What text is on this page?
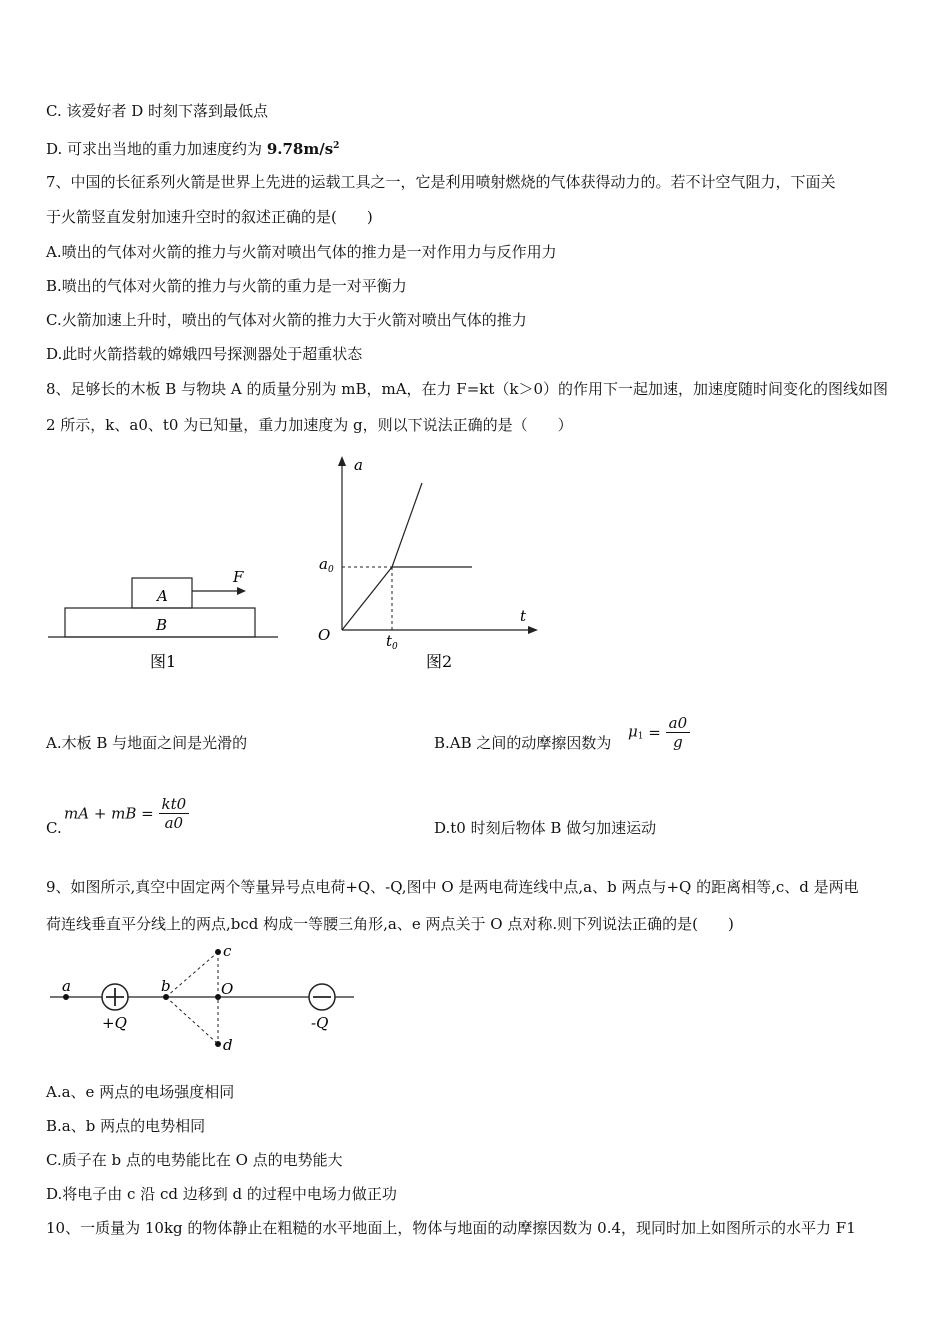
C. 该爱好者 D 时刻下落到最低点
D. 可求出当地的重力加速度约为 $9.78m/s^2$
7、中国的长征系列火箭是世界上先进的运载工具之一，它是利用喷射燃烧的气体获得动力的。若不计空气阻力，下面关
于火箭竖直发射加速升空时的叙述正确的是(　　)
A.喷出的气体对火箭的推力与火箭对喷出气体的推力是一对作用力与反作用力
B.喷出的气体对火箭的推力与火箭的重力是一对平衡力
C.火箭加速上升时，喷出的气体对火箭的推力大于火箭对喷出气体的推力
D.此时火箭搭载的嫦娥四号探测器处于超重状态
8、足够长的木板 B 与物块 A 的质量分别为 mB，mA，在力 F=kt（k＞0）的作用下一起加速，加速度随时间变化的图线如图
2 所示，k、a0、t0 为已知量，重力加速度为 g，则以下说法正确的是（　　）
A
B
F
图1
a
t
O
$a_0$
$t_0$
图2
A.木板 B 与地面之间是光滑的	B.AB 之间的动摩擦因数为
$\mu_1 = \frac{a0}{g}$
C.
mA + mB = $\frac{kt0}{a0}$	D.t0 时刻后物体 B 做匀加速运动
9、如图所示,真空中固定两个等量异号点电荷+Q、-Q,图中 O 是两电荷连线中点,a、b 两点与+Q 的距离相等,c、d 是两电
荷连线垂直平分线上的两点,bcd 构成一等腰三角形,a、e 两点关于 O 点对称.则下列说法正确的是(　　)
a	b
c
d
O
+Q	-Q
A.a、e 两点的电场强度相同
B.a、b 两点的电势相同
C.质子在 b 点的电势能比在 O 点的电势能大
D.将电子由 c 沿 cd 边移到 d 的过程中电场力做正功
10、一质量为 10kg 的物体静止在粗糙的水平地面上，物体与地面的动摩擦因数为 0.4，现同时加上如图所示的水平力 F1
